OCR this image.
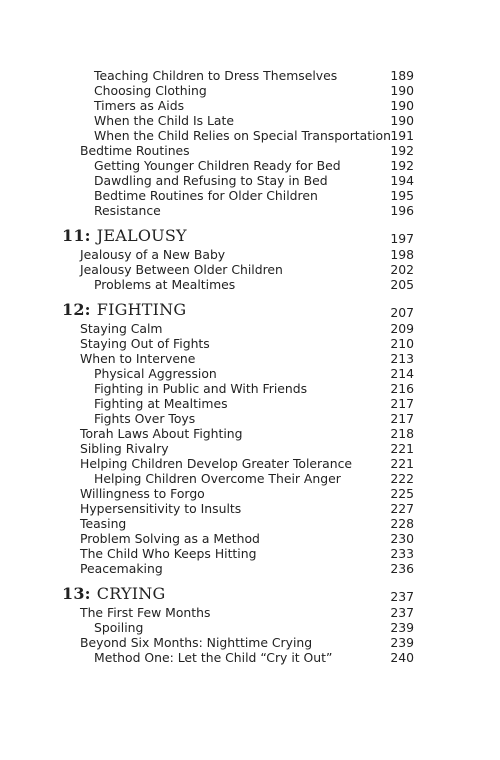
Teaching Children to Dress Themselves	189
Choosing Clothing	190
Timers as Aids	190
When the Child Is Late	190
When the Child Relies on Special Transportation 191
Bedtime Routines	192
Getting Younger Children Ready for Bed	192
Dawdling and Refusing to Stay in Bed	194
Bedtime Routines for Older Children	195
Resistance	196
11: JEALOUSY	197
Jealousy of a New Baby	198
Jealousy Between Older Children	202
Problems at Mealtimes	205
12: FIGHTING	207
Staying Calm	209
Staying Out of Fights	210
When to Intervene	213
Physical Aggression	214
Fighting in Public and With Friends	216
Fighting at Mealtimes	217
Fights Over Toys	217
Torah Laws About Fighting	218
Sibling Rivalry	221
Helping Children Develop Greater Tolerance	221
Helping Children Overcome Their Anger	222
Willingness to Forgo	225
Hypersensitivity to Insults	227
Teasing	228
Problem Solving as a Method	230
The Child Who Keeps Hitting	233
Peacemaking	236
13: CRYING	237
The First Few Months	237
Spoiling	239
Beyond Six Months: Nighttime Crying	239
Method One: Let the Child “Cry it Out”	240
